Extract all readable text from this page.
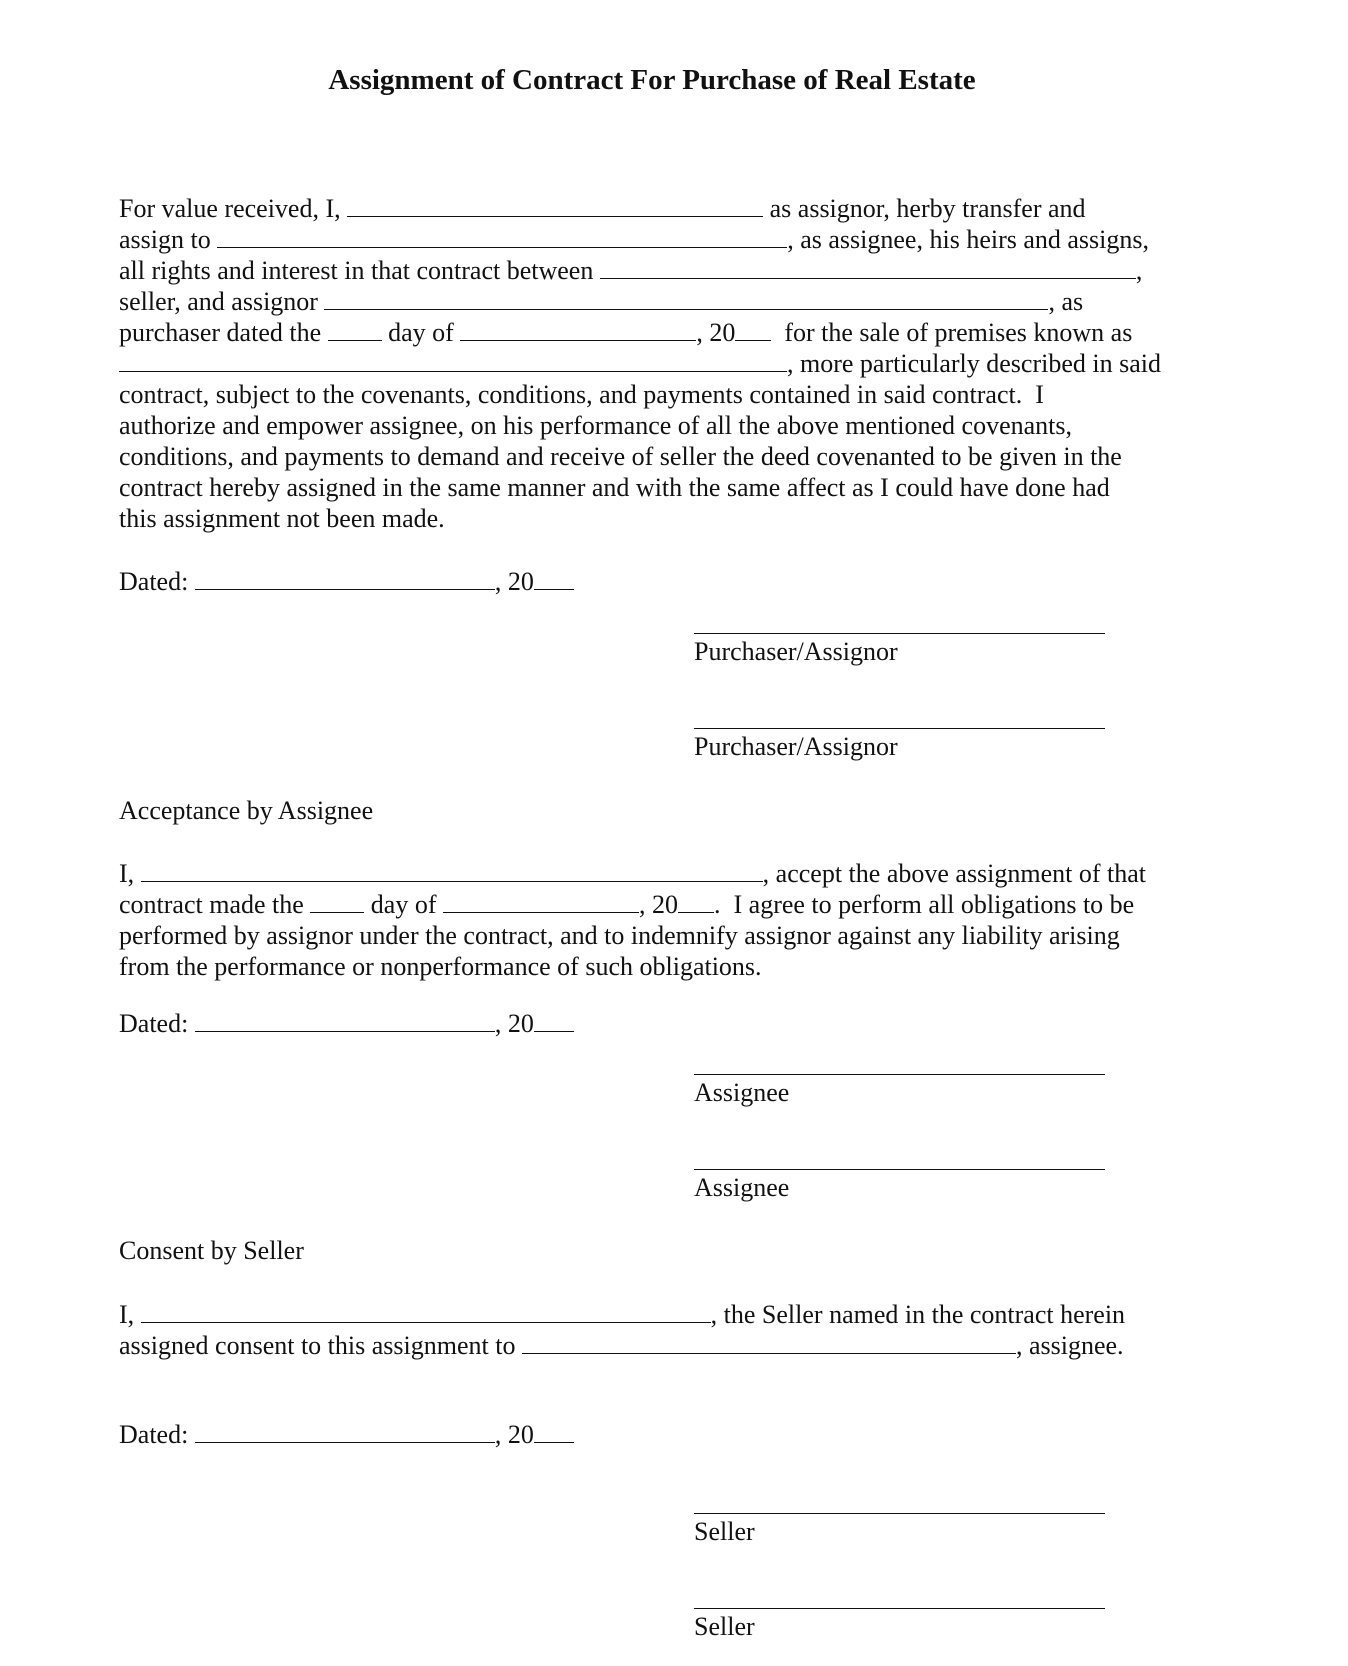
Assignment of Contract For Purchase of Real Estate
For value received, I,	as assignor, herby transfer and
assign to	, as assignee, his heirs and assigns,
all rights and interest in that contract between	,
seller, and assignor	, as
purchaser dated the	day of	, 20 for the sale of premises known as
, more particularly described in said
contract, subject to the covenants, conditions, and payments contained in said contract.  I
authorize and empower assignee, on his performance of all the above mentioned covenants,
conditions, and payments to demand and receive of seller the deed covenanted to be given in the
contract hereby assigned in the same manner and with the same affect as I could have done had
this assignment not been made.
Dated:	, 20
Purchaser/Assignor
Purchaser/Assignor
Acceptance by Assignee
I,	, accept the above assignment of that
contract made the	day of	, 20 .  I agree to perform all obligations to be
performed by assignor under the contract, and to indemnify assignor against any liability arising
from the performance or nonperformance of such obligations.
Dated:	, 20
Assignee
Assignee
Consent by Seller
I,	, the Seller named in the contract herein
assigned consent to this assignment to	, assignee.
Dated:	, 20
Seller
Seller
